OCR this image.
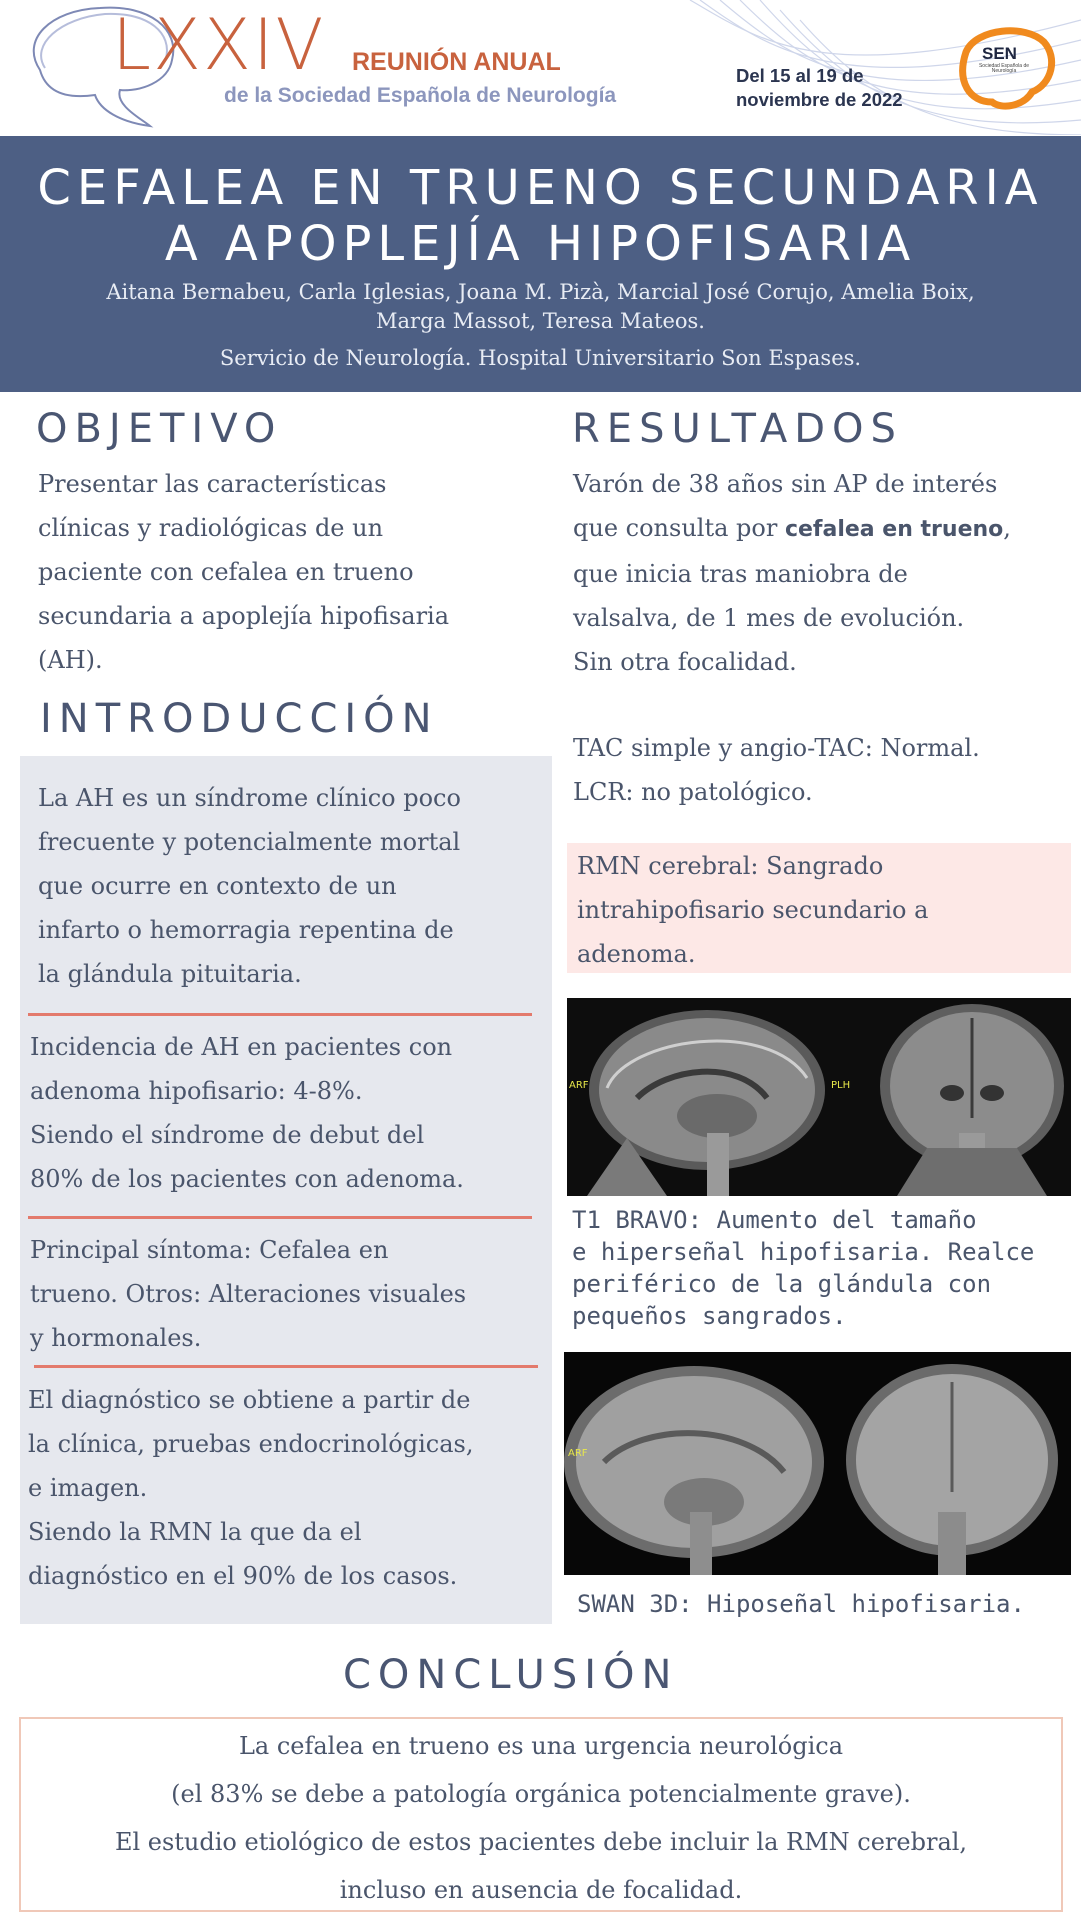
LXXIV REUNIÓN ANUAL
de la Sociedad Española de Neurología
Del 15 al 19 de
noviembre de 2022
SEN
Sociedad Española de Neurología
CEFALEA EN TRUENO SECUNDARIA
A APOPLEJÍA HIPOFISARIA
Aitana Bernabeu, Carla Iglesias, Joana M. Pizà, Marcial José Corujo, Amelia Boix,
Marga Massot, Teresa Mateos.
Servicio de Neurología. Hospital Universitario Son Espases.
OBJETIVO

Presentar las características

clínicas y radiológicas de un

paciente con cefalea en trueno

secundaria a apoplejía hipofisaria

(AH).

INTRODUCCIÓN

La AH es un síndrome clínico poco

frecuente y potencialmente mortal

que ocurre en contexto de un

infarto o hemorragia repentina de

la glándula pituitaria.

Incidencia de AH en pacientes con

adenoma hipofisario: 4-8%.

Siendo el síndrome de debut del

80% de los pacientes con adenoma.

Principal síntoma: Cefalea en

trueno. Otros: Alteraciones visuales

y hormonales.

El diagnóstico se obtiene a partir de

la clínica, pruebas endocrinológicas,

e imagen.

Siendo la RMN la que da el

diagnóstico en el 90% de los casos.

RESULTADOS

Varón de 38 años sin AP de interés

que consulta por cefalea en trueno,

que inicia tras maniobra de

valsalva, de 1 mes de evolución.

Sin otra focalidad.

TAC simple y angio-TAC: Normal.

LCR: no patológico.

RMN cerebral: Sangrado

intrahipofisario secundario a

adenoma.

ARF	PLH
T1 BRAVO: Aumento del tamaño
e hiperseñal hipofisaria. Realce
periférico de la glándula con
pequeños sangrados.
ARF
SWAN 3D: Hiposeñal hipofisaria.
CONCLUSIÓN
La cefalea en trueno es una urgencia neurológica
(el 83% se debe a patología orgánica potencialmente grave).
El estudio etiológico de estos pacientes debe incluir la RMN cerebral,
incluso en ausencia de focalidad.
